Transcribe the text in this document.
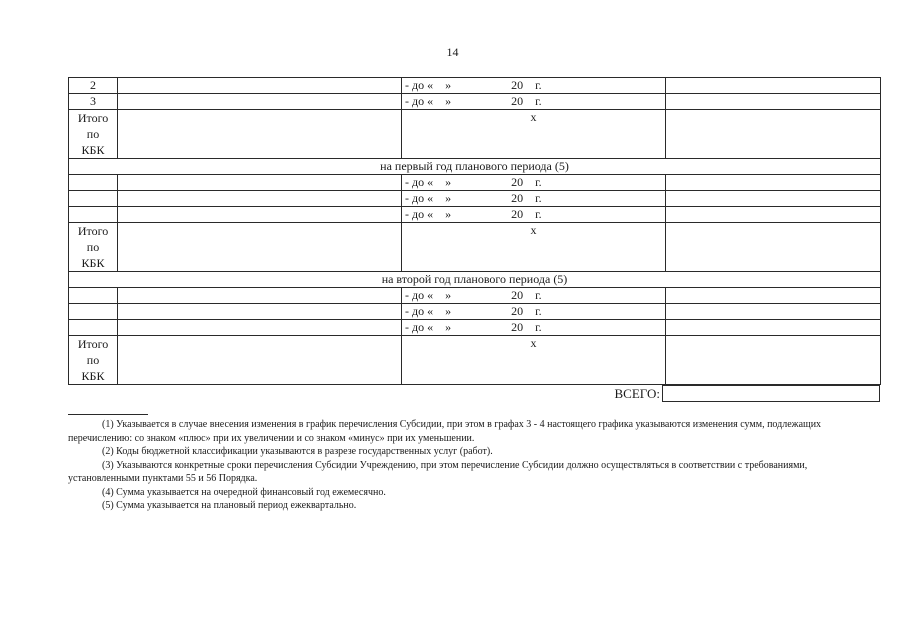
14
2		- до «    »                    20    г.	
3		- до «    »                    20    г.	
Итого
по
КБК		х	
на первый год планового периода (5)			
		- до «    »                    20    г.	
		- до «    »                    20    г.	
		- до «    »                    20    г.	
Итого
по
КБК		х	
на второй год планового периода (5)			
		- до «    »                    20    г.	
		- до «    »                    20    г.	
		- до «    »                    20    г.	
Итого
по
КБК		х	
ВСЕГО:

(1) Указывается в случае внесения изменения в график перечисления Субсидии, при этом в графах 3 - 4 настоящего графика указываются изменения сумм, подлежащих перечислению: со знаком «плюс» при их увеличении и со знаком «минус» при их уменьшении.

(2) Коды бюджетной классификации указываются в разрезе государственных услуг (работ).

(3) Указываются конкретные сроки перечисления Субсидии Учреждению, при этом перечисление Субсидии должно осуществляться в соответствии с требованиями, установленными пунктами 55 и 56 Порядка.

(4) Сумма указывается на очередной финансовый год ежемесячно.

(5) Сумма указывается на плановый период ежеквартально.
